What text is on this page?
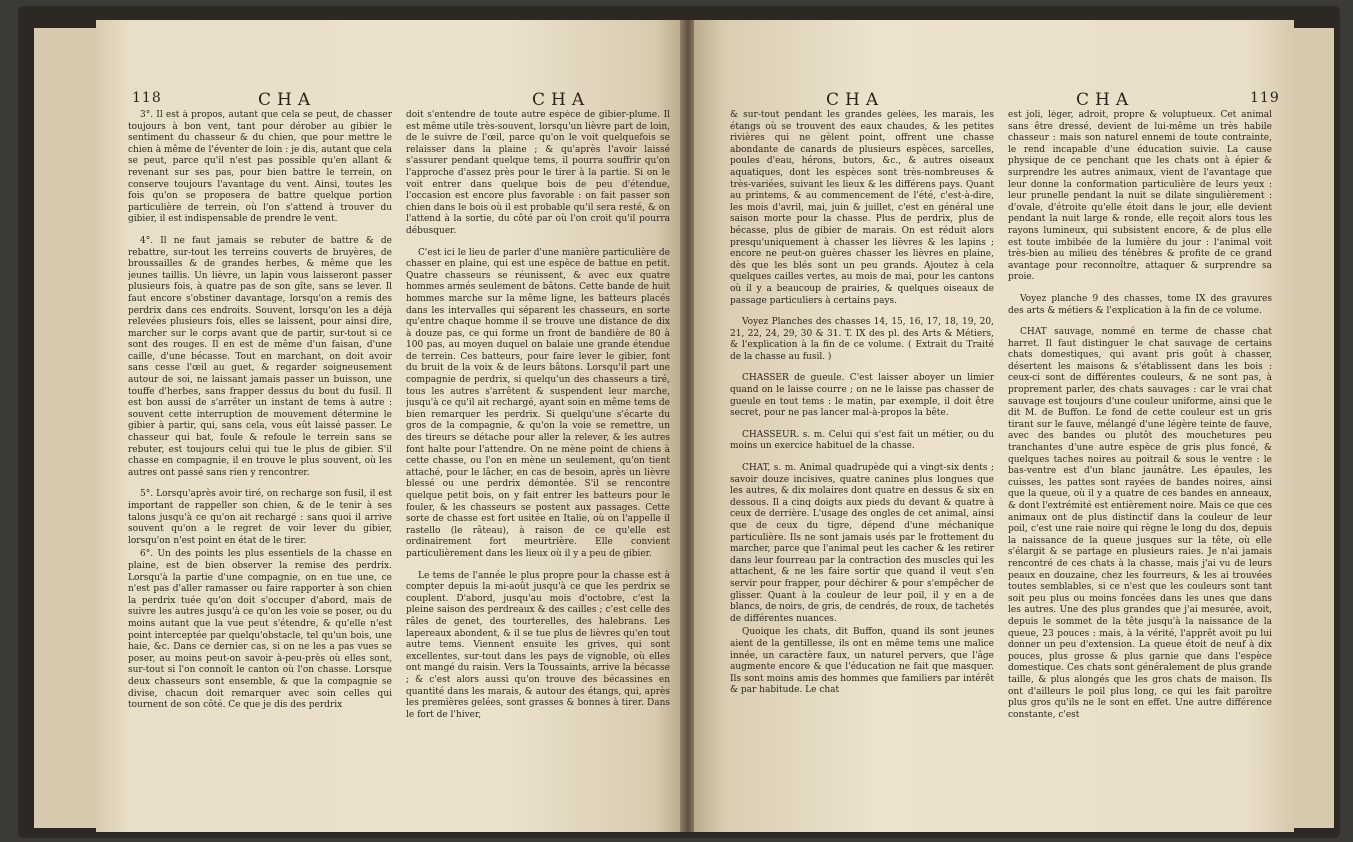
118	CHA	CHA

3°. Il est à propos, autant que cela se peut, de chasser toujours à bon vent, tant pour dérober au gibier le sentiment du chasseur & du chien, que pour mettre le chien à même de l'éventer de loin : je dis, autant que cela se peut, parce qu'il n'est pas possible qu'en allant & revenant sur ses pas, pour bien battre le terrein, on conserve toujours l'avantage du vent. Ainsi, toutes les fois qu'on se proposera de battre quelque portion particulière de terrein, où l'on s'attend à trouver du gibier, il est indispensable de prendre le vent.

4°. Il ne faut jamais se rebuter de battre & de rebattre, sur-tout les terreins couverts de bruyères, de broussailles & de grandes herbes, & même que les jeunes taillis. Un lièvre, un lapin vous laisseront passer plusieurs fois, à quatre pas de son gîte, sans se lever. Il faut encore s'obstiner davantage, lorsqu'on a remis des perdrix dans ces endroits. Souvent, lorsqu'on les a déjà relevées plusieurs fois, elles se laissent, pour ainsi dire, marcher sur le corps avant que de partir, sur-tout si ce sont des rouges. Il en est de même d'un faisan, d'une caille, d'une bécasse. Tout en marchant, on doit avoir sans cesse l'œil au guet, & regarder soigneusement autour de soi, ne laissant jamais passer un buisson, une touffe d'herbes, sans frapper dessus du bout du fusil. Il est bon aussi de s'arrêter un instant de tems à autre : souvent cette interruption de mouvement détermine le gibier à partir, qui, sans cela, vous eût laissé passer. Le chasseur qui bat, foule & refoule le terrein sans se rebuter, est toujours celui qui tue le plus de gibier. S'il chasse en compagnie, il en trouve le plus souvent, où les autres ont passé sans rien y rencontrer.

5°. Lorsqu'après avoir tiré, on recharge son fusil, il est important de rappeller son chien, & de le tenir à ses talons jusqu'à ce qu'on ait rechargé : sans quoi il arrive souvent qu'on a le regret de voir lever du gibier, lorsqu'on n'est point en état de le tirer.

6°. Un des points les plus essentiels de la chasse en plaine, est de bien observer la remise des perdrix. Lorsqu'à la partie d'une compagnie, on en tue une, ce n'est pas d'aller ramasser ou faire rapporter à son chien la perdrix tuée qu'on doit s'occuper d'abord, mais de suivre les autres jusqu'à ce qu'on les voie se poser, ou du moins autant que la vue peut s'étendre, & qu'elle n'est point interceptée par quelqu'obstacle, tel qu'un bois, une haie, &c. Dans ce dernier cas, si on ne les a pas vues se poser, au moins peut-on savoir à-peu-près où elles sont, sur-tout si l'on connoît le canton où l'on chasse. Lorsque deux chasseurs sont ensemble, & que la compagnie se divise, chacun doit remarquer avec soin celles qui tournent de son côté. Ce que je dis des perdrix

doit s'entendre de toute autre espèce de gibier-plume. Il est même utile très-souvent, lorsqu'un lièvre part de loin, de le suivre de l'œil, parce qu'on le voit quelquefois se relaisser dans la plaine ; & qu'après l'avoir laissé s'assurer pendant quelque tems, il pourra souffrir qu'on l'approche d'assez près pour le tirer à la partie. Si on le voit entrer dans quelque bois de peu d'étendue, l'occasion est encore plus favorable : on fait passer son chien dans le bois où il est probable qu'il sera resté, & on l'attend à la sortie, du côté par où l'on croit qu'il pourra débusquer.

C'est ici le lieu de parler d'une manière particulière de chasser en plaine, qui est une espèce de battue en petit. Quatre chasseurs se réunissent, & avec eux quatre hommes armés seulement de bâtons. Cette bande de huit hommes marche sur la même ligne, les batteurs placés dans les intervalles qui séparent les chasseurs, en sorte qu'entre chaque homme il se trouve une distance de dix à douze pas, ce qui forme un front de bandière de 80 à 100 pas, au moyen duquel on balaie une grande étendue de terrein. Ces batteurs, pour faire lever le gibier, font du bruit de la voix & de leurs bâtons. Lorsqu'il part une compagnie de perdrix, si quelqu'un des chasseurs a tiré, tous les autres s'arrêtent & suspendent leur marche, jusqu'à ce qu'il ait rechargé, ayant soin en même tems de bien remarquer les perdrix. Si quelqu'une s'écarte du gros de la compagnie, & qu'on la voie se remettre, un des tireurs se détache pour aller la relever, & les autres font halte pour l'attendre. On ne mène point de chiens à cette chasse, ou l'on en mène un seulement, qu'on tient attaché, pour le lâcher, en cas de besoin, après un lièvre blessé ou une perdrix démontée. S'il se rencontre quelque petit bois, on y fait entrer les batteurs pour le fouler, & les chasseurs se postent aux passages. Cette sorte de chasse est fort usitée en Italie, où on l'appelle il rastello (le râteau), à raison de ce qu'elle est ordinairement fort meurtrière. Elle convient particulièrement dans les lieux où il y a peu de gibier.

Le tems de l'année le plus propre pour la chasse est à compter depuis la mi-août jusqu'à ce que les perdrix se couplent. D'abord, jusqu'au mois d'octobre, c'est la pleine saison des perdreaux & des cailles ; c'est celle des râles de genet, des tourterelles, des halebrans. Les lapereaux abondent, & il se tue plus de lièvres qu'en tout autre tems. Viennent ensuite les grives, qui sont excellentes, sur-tout dans les pays de vignoble, où elles ont mangé du raisin. Vers la Toussaints, arrive la bécasse ; & c'est alors aussi qu'on trouve des bécassines en quantité dans les marais, & autour des étangs, qui, après les premières gelées, sont grasses & bonnes à tirer. Dans le fort de l'hiver,

CHA	CHA	119

& sur-tout pendant les grandes gelées, les marais, les étangs où se trouvent des eaux chaudes, & les petites rivières qui ne gèlent point, offrent une chasse abondante de canards de plusieurs espèces, sarcelles, poules d'eau, hérons, butors, &c., & autres oiseaux aquatiques, dont les espèces sont très-nombreuses & très-variées, suivant les lieux & les différens pays. Quant au printems, & au commencement de l'été, c'est-à-dire, les mois d'avril, mai, juin & juillet, c'est en général une saison morte pour la chasse. Plus de perdrix, plus de bécasse, plus de gibier de marais. On est réduit alors presqu'uniquement à chasser les lièvres & les lapins ; encore ne peut-on guères chasser les lièvres en plaine, dès que les blés sont un peu grands. Ajoutez à cela quelques cailles vertes, au mois de mai, pour les cantons où il y a beaucoup de prairies, & quelques oiseaux de passage particuliers à certains pays.

Voyez Planches des chasses 14, 15, 16, 17, 18, 19, 20, 21, 22, 24, 29, 30 & 31. T. IX des pl. des Arts & Métiers, & l'explication à la fin de ce volume. ( Extrait du Traité de la chasse au fusil. )

CHASSER de gueule. C'est laisser aboyer un limier quand on le laisse courre ; on ne le laisse pas chasser de gueule en tout tems : le matin, par exemple, il doit être secret, pour ne pas lancer mal-à-propos la bête.

CHASSEUR. s. m. Celui qui s'est fait un métier, ou du moins un exercice habituel de la chasse.

CHAT, s. m. Animal quadrupède qui a vingt-six dents ; savoir douze incisives, quatre canines plus longues que les autres, & dix molaires dont quatre en dessus & six en dessous. Il a cinq doigts aux pieds du devant & quatre à ceux de derrière. L'usage des ongles de cet animal, ainsi que de ceux du tigre, dépend d'une méchanique particulière. Ils ne sont jamais usés par le frottement du marcher, parce que l'animal peut les cacher & les retirer dans leur fourreau par la contraction des muscles qui les attachent, & ne les faire sortir que quand il veut s'en servir pour frapper, pour déchirer & pour s'empêcher de glisser. Quant à la couleur de leur poil, il y en a de blancs, de noirs, de gris, de cendrés, de roux, de tachetés de différentes nuances.

Quoique les chats, dit Buffon, quand ils sont jeunes aient de la gentillesse, ils ont en même tems une malice innée, un caractère faux, un naturel pervers, que l'âge augmente encore & que l'éducation ne fait que masquer. Ils sont moins amis des hommes que familiers par intérêt & par habitude. Le chat

est joli, léger, adroit, propre & voluptueux. Cet animal sans être dressé, devient de lui-même un très habile chasseur : mais son naturel ennemi de toute contrainte, le rend incapable d'une éducation suivie. La cause physique de ce penchant que les chats ont à épier & surprendre les autres animaux, vient de l'avantage que leur donne la conformation particulière de leurs yeux : leur prunelle pendant la nuit se dilate singulièrement : d'ovale, d'étroite qu'elle étoit dans le jour, elle devient pendant la nuit large & ronde, elle reçoit alors tous les rayons lumineux, qui subsistent encore, & de plus elle est toute imbibée de la lumière du jour : l'animal voit très-bien au milieu des ténèbres & profite de ce grand avantage pour reconnoître, attaquer & surprendre sa proie.

Voyez planche 9 des chasses, tome IX des gravures des arts & métiers & l'explication à la fin de ce volume.

CHAT sauvage, nommé en terme de chasse chat harret. Il faut distinguer le chat sauvage de certains chats domestiques, qui avant pris goût à chasser, désertent les maisons & s'établissent dans les bois : ceux-ci sont de différentes couleurs, & ne sont pas, à proprement parler, des chats sauvages : car le vrai chat sauvage est toujours d'une couleur uniforme, ainsi que le dit M. de Buffon. Le fond de cette couleur est un gris tirant sur le fauve, mélangé d'une légère teinte de fauve, avec des bandes ou plutôt des mouchetures peu tranchantes d'une autre espèce de gris plus foncé, & quelques taches noires au poitrail & sous le ventre : le bas-ventre est d'un blanc jaunâtre. Les épaules, les cuisses, les pattes sont rayées de bandes noires, ainsi que la queue, où il y a quatre de ces bandes en anneaux, & dont l'extrémité est entièrement noire. Mais ce que ces animaux ont de plus distinctif dans la couleur de leur poil, c'est une raie noire qui règne le long du dos, depuis la naissance de la queue jusques sur la tête, où elle s'élargit & se partage en plusieurs raies. Je n'ai jamais rencontré de ces chats à la chasse, mais j'ai vu de leurs peaux en douzaine, chez les fourreurs, & les ai trouvées toutes semblables, si ce n'est que les couleurs sont tant soit peu plus ou moins foncées dans les unes que dans les autres. Une des plus grandes que j'ai mesurée, avoit, depuis le sommet de la tête jusqu'à la naissance de la queue, 23 pouces : mais, à la vérité, l'apprêt avoit pu lui donner un peu d'extension. La queue étoit de neuf à dix pouces, plus grosse & plus garnie que dans l'espèce domestique. Ces chats sont généralement de plus grande taille, & plus alongés que les gros chats de maison. Ils ont d'ailleurs le poil plus long, ce qui les fait paroître plus gros qu'ils ne le sont en effet. Une autre différence constante, c'est
